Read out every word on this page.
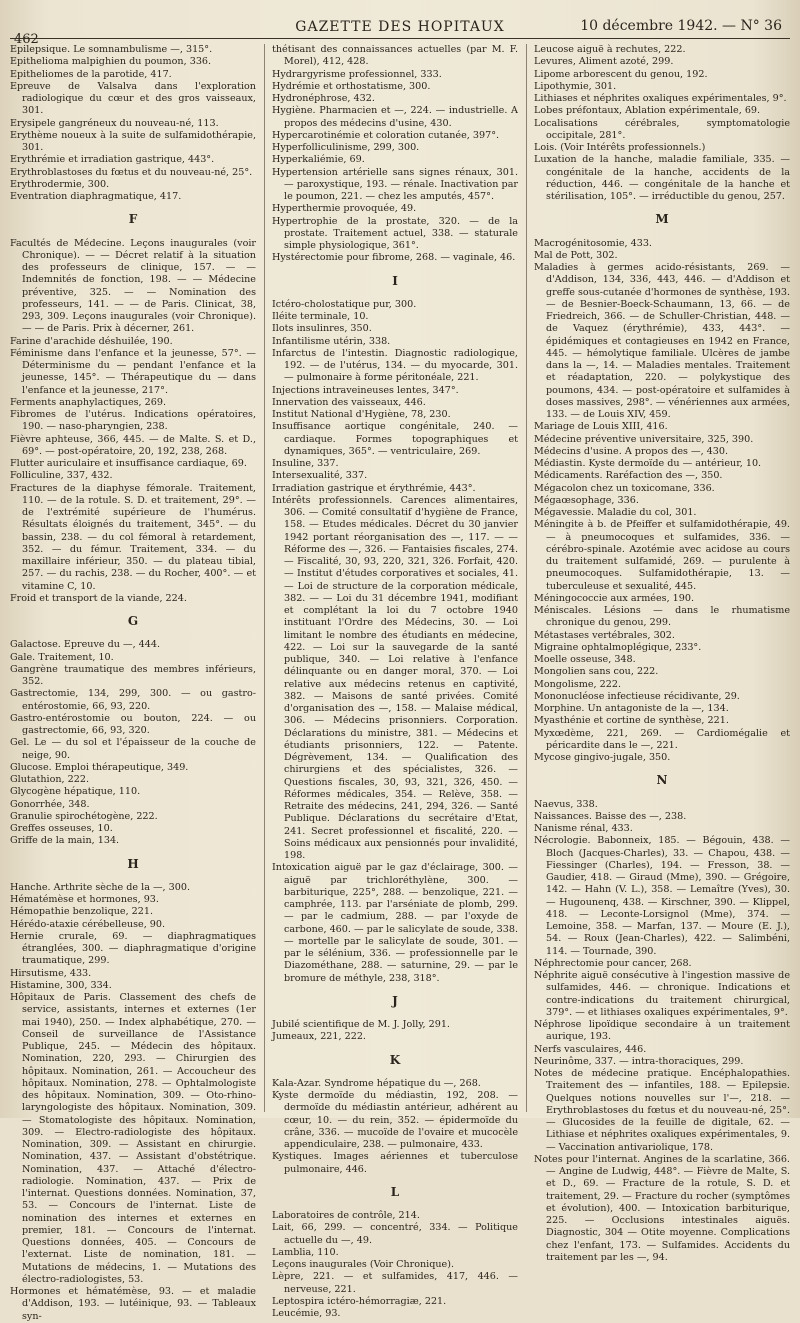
462
GAZETTE DES HOPITAUX	10 décembre 1942. — N° 36

Epilepsique. Le somnambulisme —, 315°.

Epithelioma malpighien du poumon, 336.

Epitheliomes de la parotide, 417.

Epreuve de Valsalva dans l'exploration radiologique du cœur et des gros vaisseaux, 301.

Erysipele gangréneux du nouveau-né, 113.

Erythème noueux à la suite de sulfamidothérapie, 301.

Erythrémie et irradiation gastrique, 443°.

Erythroblastoses du fœtus et du nouveau-né, 25°.

Erythrodermie, 300.

Eventration diaphragmatique, 417.

F

Facultés de Médecine. Leçons inaugurales (voir Chronique). — — Décret relatif à la situation des professeurs de clinique, 157. — — Indemnités de fonction, 198. — — Médecine préventive, 325. — — Nomination des professeurs, 141. — — de Paris. Clinicat, 38, 293, 309. Leçons inaugurales (voir Chronique). — — de Paris. Prix à décerner, 261.

Farine d'arachide déshuilée, 190.

Féminisme dans l'enfance et la jeunesse, 57°. — Déterminisme du — pendant l'enfance et la jeunesse, 145°. — Thérapeutique du — dans l'enfance et la jeunesse, 217°.

Ferments anaphylactiques, 269.

Fibromes de l'utérus. Indications opératoires, 190. — naso-pharyngien, 238.

Fièvre aphteuse, 366, 445. — de Malte. S. et D., 69°. — post-opératoire, 20, 192, 238, 268.

Flutter auriculaire et insuffisance cardiaque, 69.

Folliculine, 337, 432.

Fractures de la diaphyse fémorale. Traitement, 110. — de la rotule. S. D. et traitement, 29°. — de l'extrémité supérieure de l'humérus. Résultats éloignés du traitement, 345°. — du bassin, 238. — du col fémoral à retardement, 352. — du fémur. Traitement, 334. — du maxillaire inférieur, 350. — du plateau tibial, 257. — du rachis, 238. — du Rocher, 400°. — et vitamine C, 10.

Froid et transport de la viande, 224.

G

Galactose. Epreuve du —, 444.

Gale. Traitement, 10.

Gangrène traumatique des membres inférieurs, 352.

Gastrectomie, 134, 299, 300. — ou gastro-entérostomie, 66, 93, 220.

Gastro-entérostomie ou bouton, 224. — ou gastrectomie, 66, 93, 320.

Gel. Le — du sol et l'épaisseur de la couche de neige, 90.

Glucose. Emploi thérapeutique, 349.

Glutathion, 222.

Glycogène hépatique, 110.

Gonorrhée, 348.

Granulie spirochétogène, 222.

Greffes osseuses, 10.

Griffe de la main, 134.

H

Hanche. Arthrite sèche de la —, 300.

Hématémèse et hormones, 93.

Hémopathie benzolique, 221.

Hérédo-ataxie cérébelleuse, 90.

Hernie crurale, 69. — diaphragmatiques étranglées, 300. — diaphragmatique d'origine traumatique, 299.

Hirsutisme, 433.

Histamine, 300, 334.

Hôpitaux de Paris. Classement des chefs de service, assistants, internes et externes (1er mai 1940), 250. — Index alphabétique, 270. — Conseil de surveillance de l'Assistance Publique, 245. — Médecin des hôpitaux. Nomination, 220, 293. — Chirurgien des hôpitaux. Nomination, 261. — Accoucheur des hôpitaux. Nomination, 278. — Ophtalmologiste des hôpitaux. Nomination, 309. — Oto-rhino-laryngologiste des hôpitaux. Nomination, 309. — Stomatologiste des hôpitaux. Nomination, 309. — Electro-radiologiste des hôpitaux. Nomination, 309. — Assistant en chirurgie. Nomination, 437. — Assistant d'obstétrique. Nomination, 437. — Attaché d'électro-radiologie. Nomination, 437. — Prix de l'internat. Questions données. Nomination, 37, 53. — Concours de l'internat. Liste de nomination des internes et externes en premier, 181. — Concours de l'internat. Questions données, 405. — Concours de l'externat. Liste de nomination, 181. — Mutations de médecins, 1. — Mutations des électro-radiologistes, 53.

Hormones et hématémèse, 93. — et maladie d'Addison, 193. — lutéinique, 93. — Tableaux syn-

thétisant des connaissances actuelles (par M. F. Morel), 412, 428.

Hydrargyrisme professionnel, 333.

Hydrémie et orthostatisme, 300.

Hydronéphrose, 432.

Hygiène. Pharmacien et —, 224. — industrielle. A propos des médecins d'usine, 430.

Hypercarotinémie et coloration cutanée, 397°.

Hyperfolliculinisme, 299, 300.

Hyperkaliémie, 69.

Hypertension artérielle sans signes rénaux, 301. — paroxystique, 193. — rénale. Inactivation par le poumon, 221. — chez les amputés, 457°.

Hyperthermie provoquée, 49.

Hypertrophie de la prostate, 320. — de la prostate. Traitement actuel, 338. — staturale simple physiologique, 361°.

Hystérectomie pour fibrome, 268. — vaginale, 46.

I

Ictéro-cholostatique pur, 300.

Iléite terminale, 10.

Ilots insulinres, 350.

Infantilisme utérin, 338.

Infarctus de l'intestin. Diagnostic radiologique, 192. — de l'utérus, 134. — du myocarde, 301. — pulmonaire à forme péritonéale, 221.

Injections intraveineuses lentes, 347°.

Innervation des vaisseaux, 446.

Institut National d'Hygiène, 78, 230.

Insuffisance aortique congénitale, 240. — cardiaque. Formes topographiques et dynamiques, 365°. — ventriculaire, 269.

Insuline, 337.

Intersexualité, 337.

Irradiation gastrique et érythrémie, 443°.

Intérêts professionnels. Carences alimentaires, 306. — Comité consultatif d'hygiène de France, 158. — Etudes médicales. Décret du 30 janvier 1942 portant réorganisation des —, 117. — — Réforme des —, 326. — Fantaisies fiscales, 274. — Fiscalité, 30, 93, 220, 321, 326. Forfait, 420. — Institut d'études corporatives et sociales, 41. — Loi de structure de la corporation médicale, 382. — — Loi du 31 décembre 1941, modifiant et complétant la loi du 7 octobre 1940 instituant l'Ordre des Médecins, 30. — Loi limitant le nombre des étudiants en médecine, 422. — Loi sur la sauvegarde de la santé publique, 340. — Loi relative à l'enfance délinquante ou en danger moral, 370. — Loi relative aux médecins retenus en captivité, 382. — Maisons de santé privées. Comité d'organisation des —, 158. — Malaise médical, 306. — Médecins prisonniers. Corporation. Déclarations du ministre, 381. — Médecins et étudiants prisonniers, 122. — Patente. Dégrèvement, 134. — Qualification des chirurgiens et des spécialistes, 326. — Questions fiscales, 30, 93, 321, 326, 450. — Réformes médicales, 354. — Relève, 358. — Retraite des médecins, 241, 294, 326. — Santé Publique. Déclarations du secrétaire d'Etat, 241. Secret professionnel et fiscalité, 220. — Soins médicaux aux pensionnés pour invalidité, 198.

Intoxication aiguë par le gaz d'éclairage, 300. — aiguë par trichloréthylène, 300. — barbiturique, 225°, 288. — benzolique, 221. — camphrée, 113. par l'arséniate de plomb, 299. — par le cadmium, 288. — par l'oxyde de carbone, 460. — par le salicylate de soude, 338. — mortelle par le salicylate de soude, 301. — par le sélénium, 336. — professionnelle par le Diazométhane, 288. — saturnine, 29. — par le bromure de méthyle, 238, 318°.

J

Jubilé scientifique de M. J. Jolly, 291.

Jumeaux, 221, 222.

K

Kala-Azar. Syndrome hépatique du —, 268.

Kyste dermoïde du médiastin, 192, 208. — dermoïde du médiastin antérieur, adhérent au cœur, 10. — du rein, 352. — épidermoïde du crâne, 336. — mucoïde de l'ovaire et mucocèle appendiculaire, 238. — pulmonaire, 433.

Kystiques. Images aériennes et tuberculose pulmonaire, 446.

L

Laboratoires de contrôle, 214.

Lait, 66, 299. — concentré, 334. — Politique actuelle du —, 49.

Lamblia, 110.

Leçons inaugurales (Voir Chronique).

Lèpre, 221. — et sulfamides, 417, 446. — nerveuse, 221.

Leptospira ictéro-hémorragiæ, 221.

Leucémie, 93.

Leucose aiguë à rechutes, 222.

Levures, Aliment azoté, 299.

Lipome arborescent du genou, 192.

Lipothymie, 301.

Lithiases et néphrites oxaliques expérimentales, 9°.

Lobes préfontaux, Ablation expérimentale, 69.

Localisations cérébrales, symptomatologie occipitale, 281°.

Lois. (Voir Intérêts professionnels.)

Luxation de la hanche, maladie familiale, 335. — congénitale de la hanche, accidents de la réduction, 446. — congénitale de la hanche et stérilisation, 105°. — irréductible du genou, 257.

M

Macrogénitosomie, 433.

Mal de Pott, 302.

Maladies à germes acido-résistants, 269. — d'Addison, 134, 336, 443, 446. — d'Addison et greffe sous-cutanée d'hormones de synthèse, 193. — de Besnier-Boeck-Schaumann, 13, 66. — de Friedreich, 366. — de Schuller-Christian, 448. — de Vaquez (érythrémie), 433, 443°. — épidémiques et contagieuses en 1942 en France, 445. — hémolytique familiale. Ulcères de jambe dans la —, 14. — Maladies mentales. Traitement et réadaptation, 220. — polykystique des poumons, 434. — post-opératoire et sulfamides à doses massives, 298°. — vénériennes aux armées, 133. — de Louis XIV, 459.

Mariage de Louis XIII, 416.

Médecine préventive universitaire, 325, 390.

Médecins d'usine. A propos des —, 430.

Médiastin. Kyste dermoïde du — antérieur, 10.

Médicaments. Raréfaction des —, 350.

Mégacolon chez un toxicomane, 336.

Mégaœsophage, 336.

Mégavessie. Maladie du col, 301.

Méningite à b. de Pfeiffer et sulfamidothérapie, 49. — à pneumocoques et sulfamides, 336. — cérébro-spinale. Azotémie avec acidose au cours du traitement sulfamidé, 269. — purulente à pneumocoques. Sulfamidothérapie, 13. — tuberculeuse et sexualité, 445.

Méningococcie aux armées, 190.

Méniscales. Lésions — dans le rhumatisme chronique du genou, 299.

Métastases vertébrales, 302.

Migraine ophtalmoplégique, 233°.

Moelle osseuse, 348.

Mongolien sans cou, 222.

Mongolisme, 222.

Mononucléose infectieuse récidivante, 29.

Morphine. Un antagoniste de la —, 134.

Myasthénie et cortine de synthèse, 221.

Myxœdème, 221, 269. — Cardiomégalie et péricardite dans le —, 221.

Mycose gingivo-jugale, 350.

N

Naevus, 338.

Naissances. Baisse des —, 238.

Nanisme rénal, 433.

Nécrologie. Babonneix, 185. — Bégouin, 438. — Bloch (Jacques-Charles), 33. — Chapou, 438. — Fiessinger (Charles), 194. — Fresson, 38. — Gaudier, 418. — Giraud (Mme), 390. — Grégoire, 142. — Hahn (V. L.), 358. — Lemaître (Yves), 30. — Hugounenq, 438. — Kirschner, 390. — Klippel, 418. — Leconte-Lorsignol (Mme), 374. — Lemoine, 358. — Marfan, 137. — Moure (E. J.), 54. — Roux (Jean-Charles), 422. — Salimbéni, 114. — Tournade, 390.

Néphrectomie pour cancer, 268.

Néphrite aiguë consécutive à l'ingestion massive de sulfamides, 446. — chronique. Indications et contre-indications du traitement chirurgical, 379°. — et lithiases oxaliques expérimentales, 9°.

Néphrose lipoïdique secondaire à un traitement aurique, 193.

Nerfs vasculaires, 446.

Neurinôme, 337. — intra-thoraciques, 299.

Notes de médecine pratique. Encéphalopathies. Traitement des — infantiles, 188. — Epilepsie. Quelques notions nouvelles sur l'—, 218. — Erythroblastoses du fœtus et du nouveau-né, 25°. — Glucosides de la feuille de digitale, 62. — Lithiase et néphrites oxaliques expérimentales, 9. — Vaccination antivariolique, 178.

Notes pour l'internat. Angines de la scarlatine, 366. — Angine de Ludwig, 448°. — Fièvre de Malte, S. et D., 69. — Fracture de la rotule, S. D. et traitement, 29. — Fracture du rocher (symptômes et évolution), 400. — Intoxication barbiturique, 225. — Occlusions intestinales aiguës. Diagnostic, 304 — Otite moyenne. Complications chez l'enfant, 173. — Sulfamides. Accidents du traitement par les —, 94.
